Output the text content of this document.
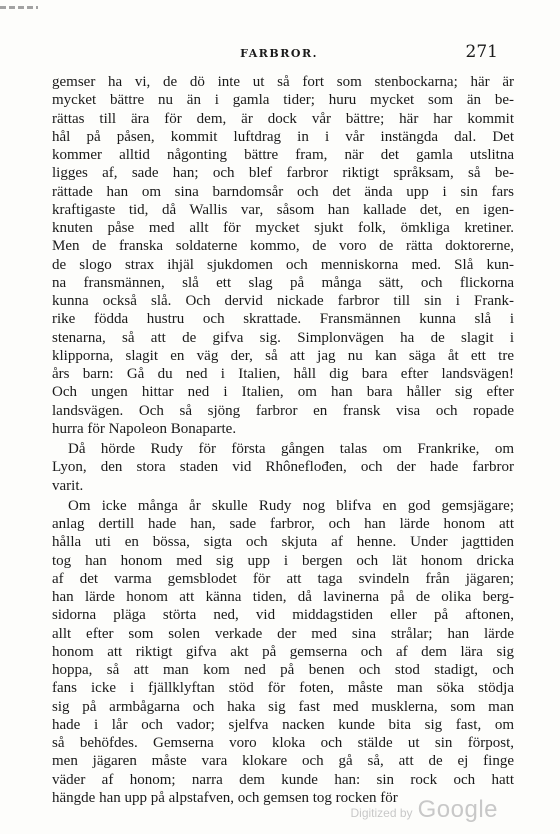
FARBROR.	271
gemser ha vi, de dö inte ut så fort som stenbockarna; här är
mycket bättre nu än i gamla tider; huru mycket som än be-
rättas till ära för dem, är dock vår bättre; här har kommit
hål på påsen, kommit luftdrag in i vår instängda dal. Det
kommer alltid någonting bättre fram, när det gamla utslitna
ligges af, sade han; och blef farbror riktigt språksam, så be-
rättade han om sina barndomsår och det ända upp i sin fars
kraftigaste tid, då Wallis var, såsom han kallade det, en igen-
knuten påse med allt för mycket sjukt folk, ömkliga kretiner.
Men de franska soldaterne kommo, de voro de rätta doktorerne,
de slogo strax ihjäl sjukdomen och menniskorna med. Slå kun-
na fransmännen, slå ett slag på många sätt, och flickorna
kunna också slå. Och dervid nickade farbror till sin i Frank-
rike födda hustru och skrattade. Fransmännen kunna slå i
stenarna, så att de gifva sig. Simplonvägen ha de slagit i
klipporna, slagit en väg der, så att jag nu kan säga åt ett tre
års barn: Gå du ned i Italien, håll dig bara efter landsvägen!
Och ungen hittar ned i Italien, om han bara håller sig efter
landsvägen. Och så sjöng farbror en fransk visa och ropade
hurra för Napoleon Bonaparte.
Då hörde Rudy för första gången talas om Frankrike, om
Lyon, den stora staden vid Rhôneflođen, och der hade farbror
varit.
Om icke många år skulle Rudy nog blifva en god gemsjägare;
anlag dertill hade han, sade farbror, och han lärde honom att
hålla uti en bössa, sigta och skjuta af henne. Under jagttiden
tog han honom med sig upp i bergen och lät honom dricka
af det varma gemsblodet för att taga svindeln från jägaren;
han lärde honom att känna tiden, då lavinerna på de olika berg-
sidorna pläga störta ned, vid middagstiden eller på aftonen,
allt efter som solen verkade der med sina strålar; han lärde
honom att riktigt gifva akt på gemserna och af dem lära sig
hoppa, så att man kom ned på benen och stod stadigt, och
fans icke i fjällklyftan stöd för foten, måste man söka stödja
sig på armbågarna och haka sig fast med musklerna, som man
hade i lår och vador; sjelfva nacken kunde bita sig fast, om
så behöfdes. Gemserna voro kloka och stälde ut sin förpost,
men jägaren måste vara klokare och gå så, att de ej finge
väder af honom; narra dem kunde han: sin rock och hatt
hängde han upp på alpstafven, och gemsen tog rocken för
Digitized by Google
